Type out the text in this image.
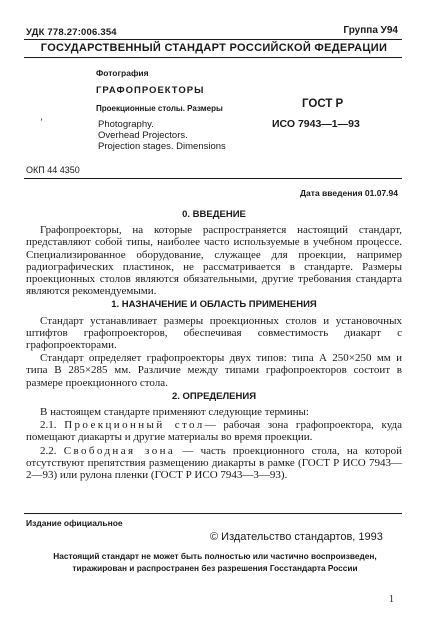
УДК 778.27:006.354	Группа У94
ГОСУДАРСТВЕННЫЙ СТАНДАРТ РОССИЙСКОЙ ФЕДЕРАЦИИ
Фотография
ГРАФОПРОЕКТОРЫ
Проекционные столы. Размеры
Photography.
Overhead Projectors.
Projection stages. Dimensions
ʼ
ГОСТ Р
ИСО 7943—1—93
ОКП 44 4350
Дата введения 01.07.94
0. ВВЕДЕНИЕ

Графопроекторы, на которые распространяется настоящий стандарт, представляют собой типы, наиболее часто используемые в учебном процессе. Специализированное оборудование, служащее для проекции, например радиографических пластинок, не рассматривается в стандарте. Размеры проекционных столов являются обязательными, другие требования стандарта являются рекомендуемыми.

1. НАЗНАЧЕНИЕ И ОБЛАСТЬ ПРИМЕНЕНИЯ

Стандарт устанавливает размеры проекционных столов и установочных штифтов графопроекторов, обеспечивая совместимость диакарт с графопроекторами.

Стандарт определяет графопроекторы двух типов: типа А 250×250 мм и типа В 285×285 мм. Различие между типами графопроекторов состоит в размере проекционного стола.

2. ОПРЕДЕЛЕНИЯ

В настоящем стандарте применяют следующие термины:

2.1. Проекционный стол— рабочая зона графопроектора, куда помещают диакарты и другие материалы во время проекции.

2.2. Свободная зона — часть проекционного стола, на которой отсутствуют препятствия размещению диакарты в рамке (ГОСТ Р ИСО 7943—2—93) или рулона пленки (ГОСТ Р ИСО 7943—3—93).

Издание официальное
© Издательство стандартов, 1993
Настоящий стандарт не может быть полностью или частично воспроизведен,
тиражирован и распространен без разрешения Госстандарта России
1
